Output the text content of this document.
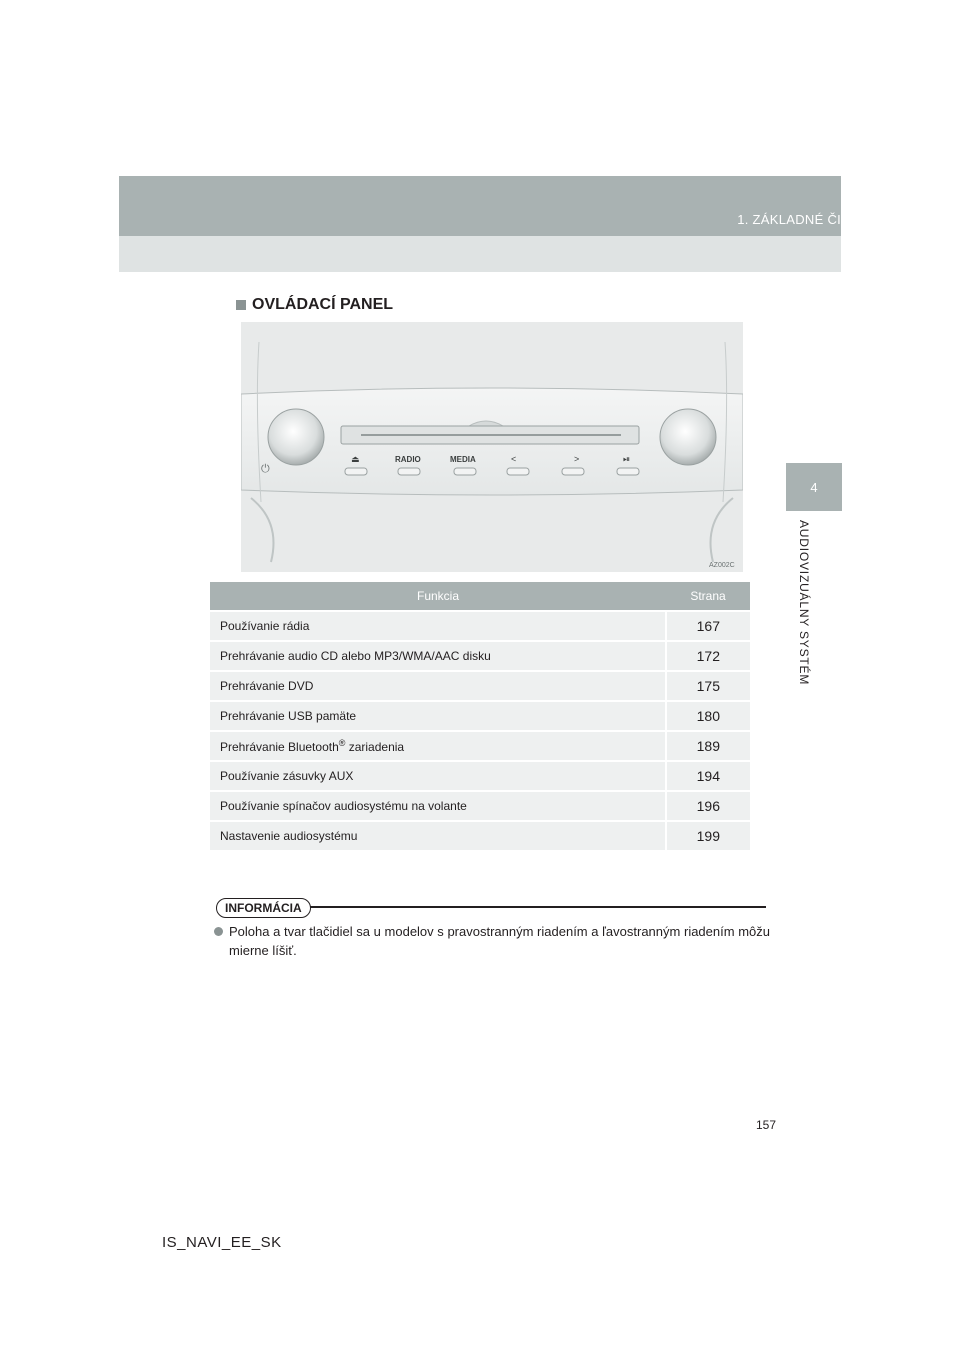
1. ZÁKLADNÉ ČINNOSTI
4
AUDIOVIZUÁLNY SYSTÉM
OVLÁDACÍ PANEL
⏻
⏏	RADIO	MEDIA	<	>	⏯
AZ002C
Funkcia	Strana
Používanie rádia	167
Prehrávanie audio CD alebo MP3/WMA/AAC disku	172
Prehrávanie DVD	175
Prehrávanie USB pamäte	180
Prehrávanie Bluetooth® zariadenia	189
Používanie zásuvky AUX	194
Používanie spínačov audiosystému na volante	196
Nastavenie audiosystému	199
INFORMÁCIA
Poloha a tvar tlačidiel sa u modelov s pravostranným riadením a ľavostranným riadením môžu mierne líšiť.
157
IS_NAVI_EE_SK
